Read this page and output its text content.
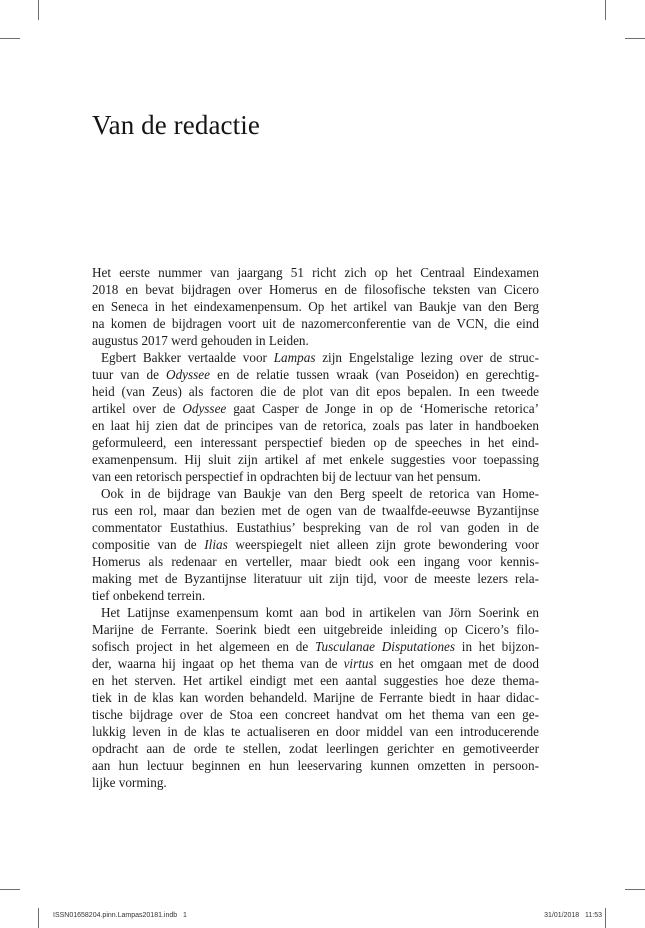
Van de redactie
Het eerste nummer van jaargang 51 richt zich op het Centraal Eindexamen
2018 en bevat bijdragen over Homerus en de filosofische teksten van Cicero
en Seneca in het eindexamenpensum. Op het artikel van Baukje van den Berg
na komen de bijdragen voort uit de nazomerconferentie van de VCN, die eind
augustus 2017 werd gehouden in Leiden.
Egbert Bakker vertaalde voor Lampas zijn Engelstalige lezing over de struc-
tuur van de Odyssee en de relatie tussen wraak (van Poseidon) en gerechtig-
heid (van Zeus) als factoren die de plot van dit epos bepalen. In een tweede
artikel over de Odyssee gaat Casper de Jonge in op de ‘Homerische retorica’
en laat hij zien dat de principes van de retorica, zoals pas later in handboeken
geformuleerd, een interessant perspectief bieden op de speeches in het eind-
examenpensum. Hij sluit zijn artikel af met enkele suggesties voor toepassing
van een retorisch perspectief in opdrachten bij de lectuur van het pensum.
Ook in de bijdrage van Baukje van den Berg speelt de retorica van Home-
rus een rol, maar dan bezien met de ogen van de twaalfde-eeuwse Byzantijnse
commentator Eustathius. Eustathius’ bespreking van de rol van goden in de
compositie van de Ilias weerspiegelt niet alleen zijn grote bewondering voor
Homerus als redenaar en verteller, maar biedt ook een ingang voor kennis-
making met de Byzantijnse literatuur uit zijn tijd, voor de meeste lezers rela-
tief onbekend terrein.
Het Latijnse examenpensum komt aan bod in artikelen van Jörn Soerink en
Marijne de Ferrante. Soerink biedt een uitgebreide inleiding op Cicero’s filo-
sofisch project in het algemeen en de Tusculanae Disputationes in het bijzon-
der, waarna hij ingaat op het thema van de virtus en het omgaan met de dood
en het sterven. Het artikel eindigt met een aantal suggesties hoe deze thema-
tiek in de klas kan worden behandeld. Marijne de Ferrante biedt in haar didac-
tische bijdrage over de Stoa een concreet handvat om het thema van een ge-
lukkig leven in de klas te actualiseren en door middel van een introducerende
opdracht aan de orde te stellen, zodat leerlingen gerichter en gemotiveerder
aan hun lectuur beginnen en hun leeservaring kunnen omzetten in persoon-
lijke vorming.
ISSN01658204.pinn.Lampas20181.indb   1	31/01/2018   11:53
